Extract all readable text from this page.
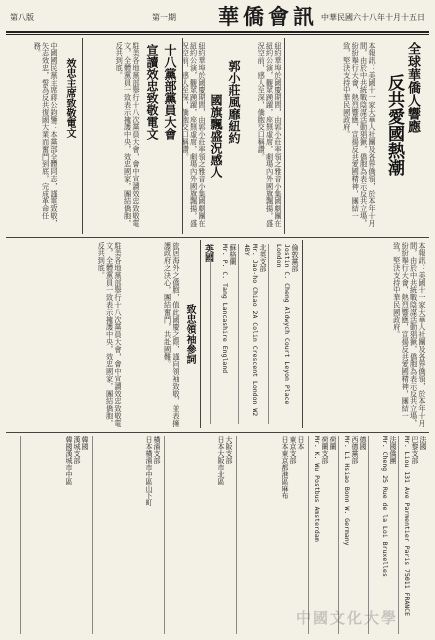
華僑會訊
第一期	中華民國六十八年十月十五日
第八版
全球華僑人響應
反共愛國熱潮
本報訊：美國十一家大華人社團及各界僑領，於本年十月間，由於中共統戰陰謀活動猖獗，僑胞為表示反共立場，紛紛舉行大會，熱烈響應，宣揚反共愛國精神，團結一致，堅決支持中華民國政府。
紐約華埠於國慶期間，由郭小莊率領之雅音小集國劇團在紐約公演，觀眾踴躍，座無虛席，劇場內外國旗飄揚，盛況空前，感人至深，僑胞交口稱讚。
郭小莊風靡紐約
國旗飄盛況感人
紐約華埠於國慶期間，由郭小莊率領之雅音小集國劇團在紐約公演，觀眾踴躍，座無虛席，劇場內外國旗飄揚，盛況空前，感人至深，僑胞交口稱讚。
十八黨部黨員大會
宣讀效忠致敬電文
駐美各地黨部舉行十八次黨員大會，會中宣讀效忠致敬電文，全體黨員一致表示擁護中央，效忠國家，團結僑胞，反共到底。
效忠主席致敬電文
中國國民黨主席蔣公鈞鑒：本黨部全體同志，謹電致敬，矢志效忠，誓為反共復國大業而奮鬥到底，完成革命任務。
本報訊：美國十一家大華人社團及各界僑領，於本年十月間，由於中共統戰陰謀活動猖獗，僑胞為表示反共立場，紛紛舉行大會，熱烈響應，宣揚反共愛國精神，團結一致，堅決支持中華民國政府。
英國	倫敦黨部
Jostin C. Cheng Aldwych Court Leyon Place London
北英支部
Mr. Jao-ho Chiao 2A Colin Crescent London W2 4BY
蘇格蘭
Mr. P. C. Tang Lancashire England
致忠領袖參詞
旅居海外之僑胞，值此國慶之際，謹向領袖致敬，並表擁護政府之決心，團結奮鬥，共赴國難。
駐美各地黨部舉行十八次黨員大會，會中宣讀效忠致敬電文，全體黨員一致表示擁護中央，效忠國家，團結僑胞，反共到底。
法國
巴黎支部
Mr. Liou 131 Ave Parmentier Paris 75011 FRANCE
法國僑團
Mr. Cheng 25 Rue de la Loi Bruxelles
德國
西德黨部
Mr. Li Hsiao Bonn W. Germany
荷蘭
荷蘭支部
Mr. K. Wu Postbus Amsterdam
日本
東京支部
日本東京都港區麻布
大阪支部
日本大阪市北區
橫濱支部
日本橫濱市中區山下町
韓國
漢城支部
韓國漢城市中區
中國文化大學
